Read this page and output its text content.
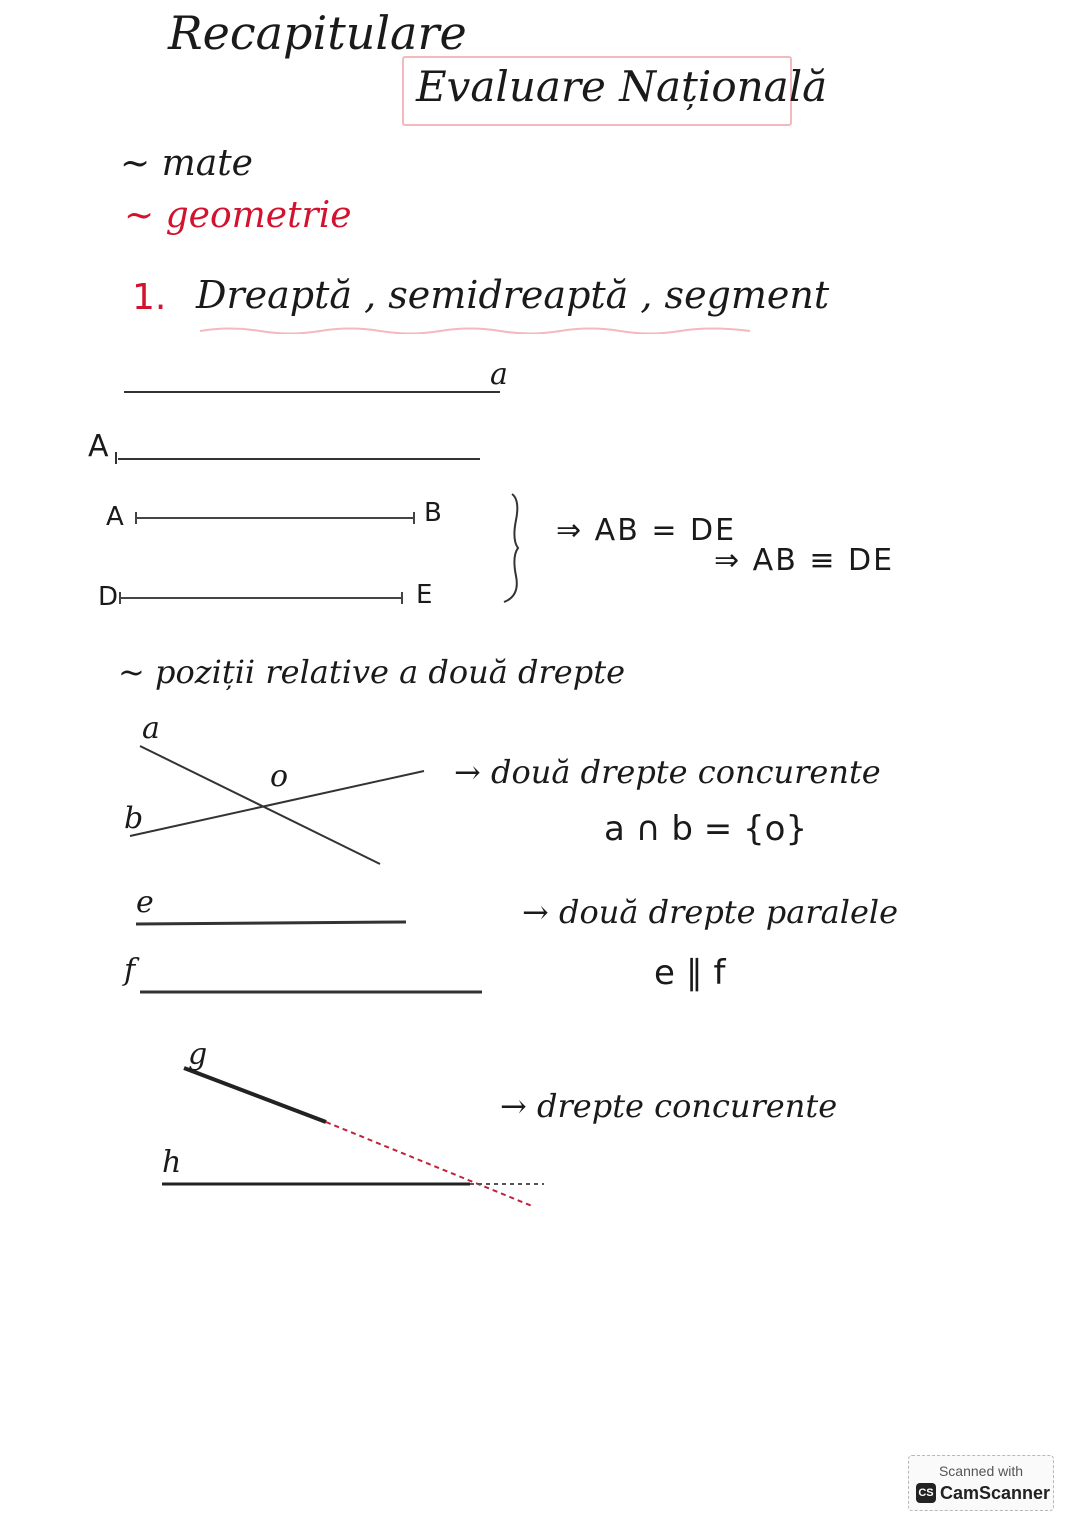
Recapitulare
Evaluare Națională
~ mate
~ geometrie
1. Dreaptă , semidreaptă , segment
a
A
A	B
D	E
⇒ AB = DE
⇒ AB ≡ DE
~ poziții relative a două drepte
a
b
o	→ două drepte concurente
a ∩ b = {o}
e
f
→ două drepte paralele
e ∥ f
g
h
→ drepte concurente
Scanned with
CS CamScanner
